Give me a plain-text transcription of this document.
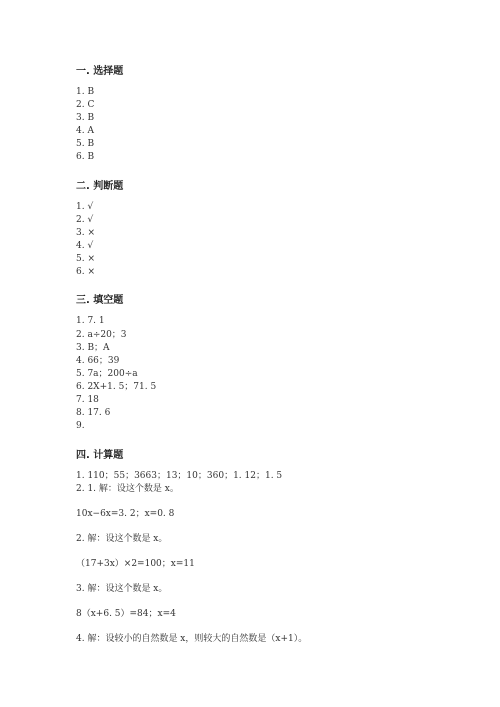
一. 选择题
1. B
2. C
3. B
4. A
5. B
6. B
二. 判断题
1. √
2. √
3. ×
4. √
5. ×
6. ×
三. 填空题
1. 7. 1
2. a÷20；3
3. B；A
4. 66；39
5. 7a；200÷a
6. 2X+1. 5；71. 5
7. 18
8. 17. 6
9.
四. 计算题
1. 110；55；3663；13；10；360；1. 12；1. 5
2. 1. 解：设这个数是 x。
10x−6x=3. 2；x=0. 8
2. 解：设这个数是 x。
（17+3x）×2=100；x=11
3. 解：设这个数是 x。
8（x+6. 5）=84；x=4
4. 解：设较小的自然数是 x，则较大的自然数是（x+1）。
